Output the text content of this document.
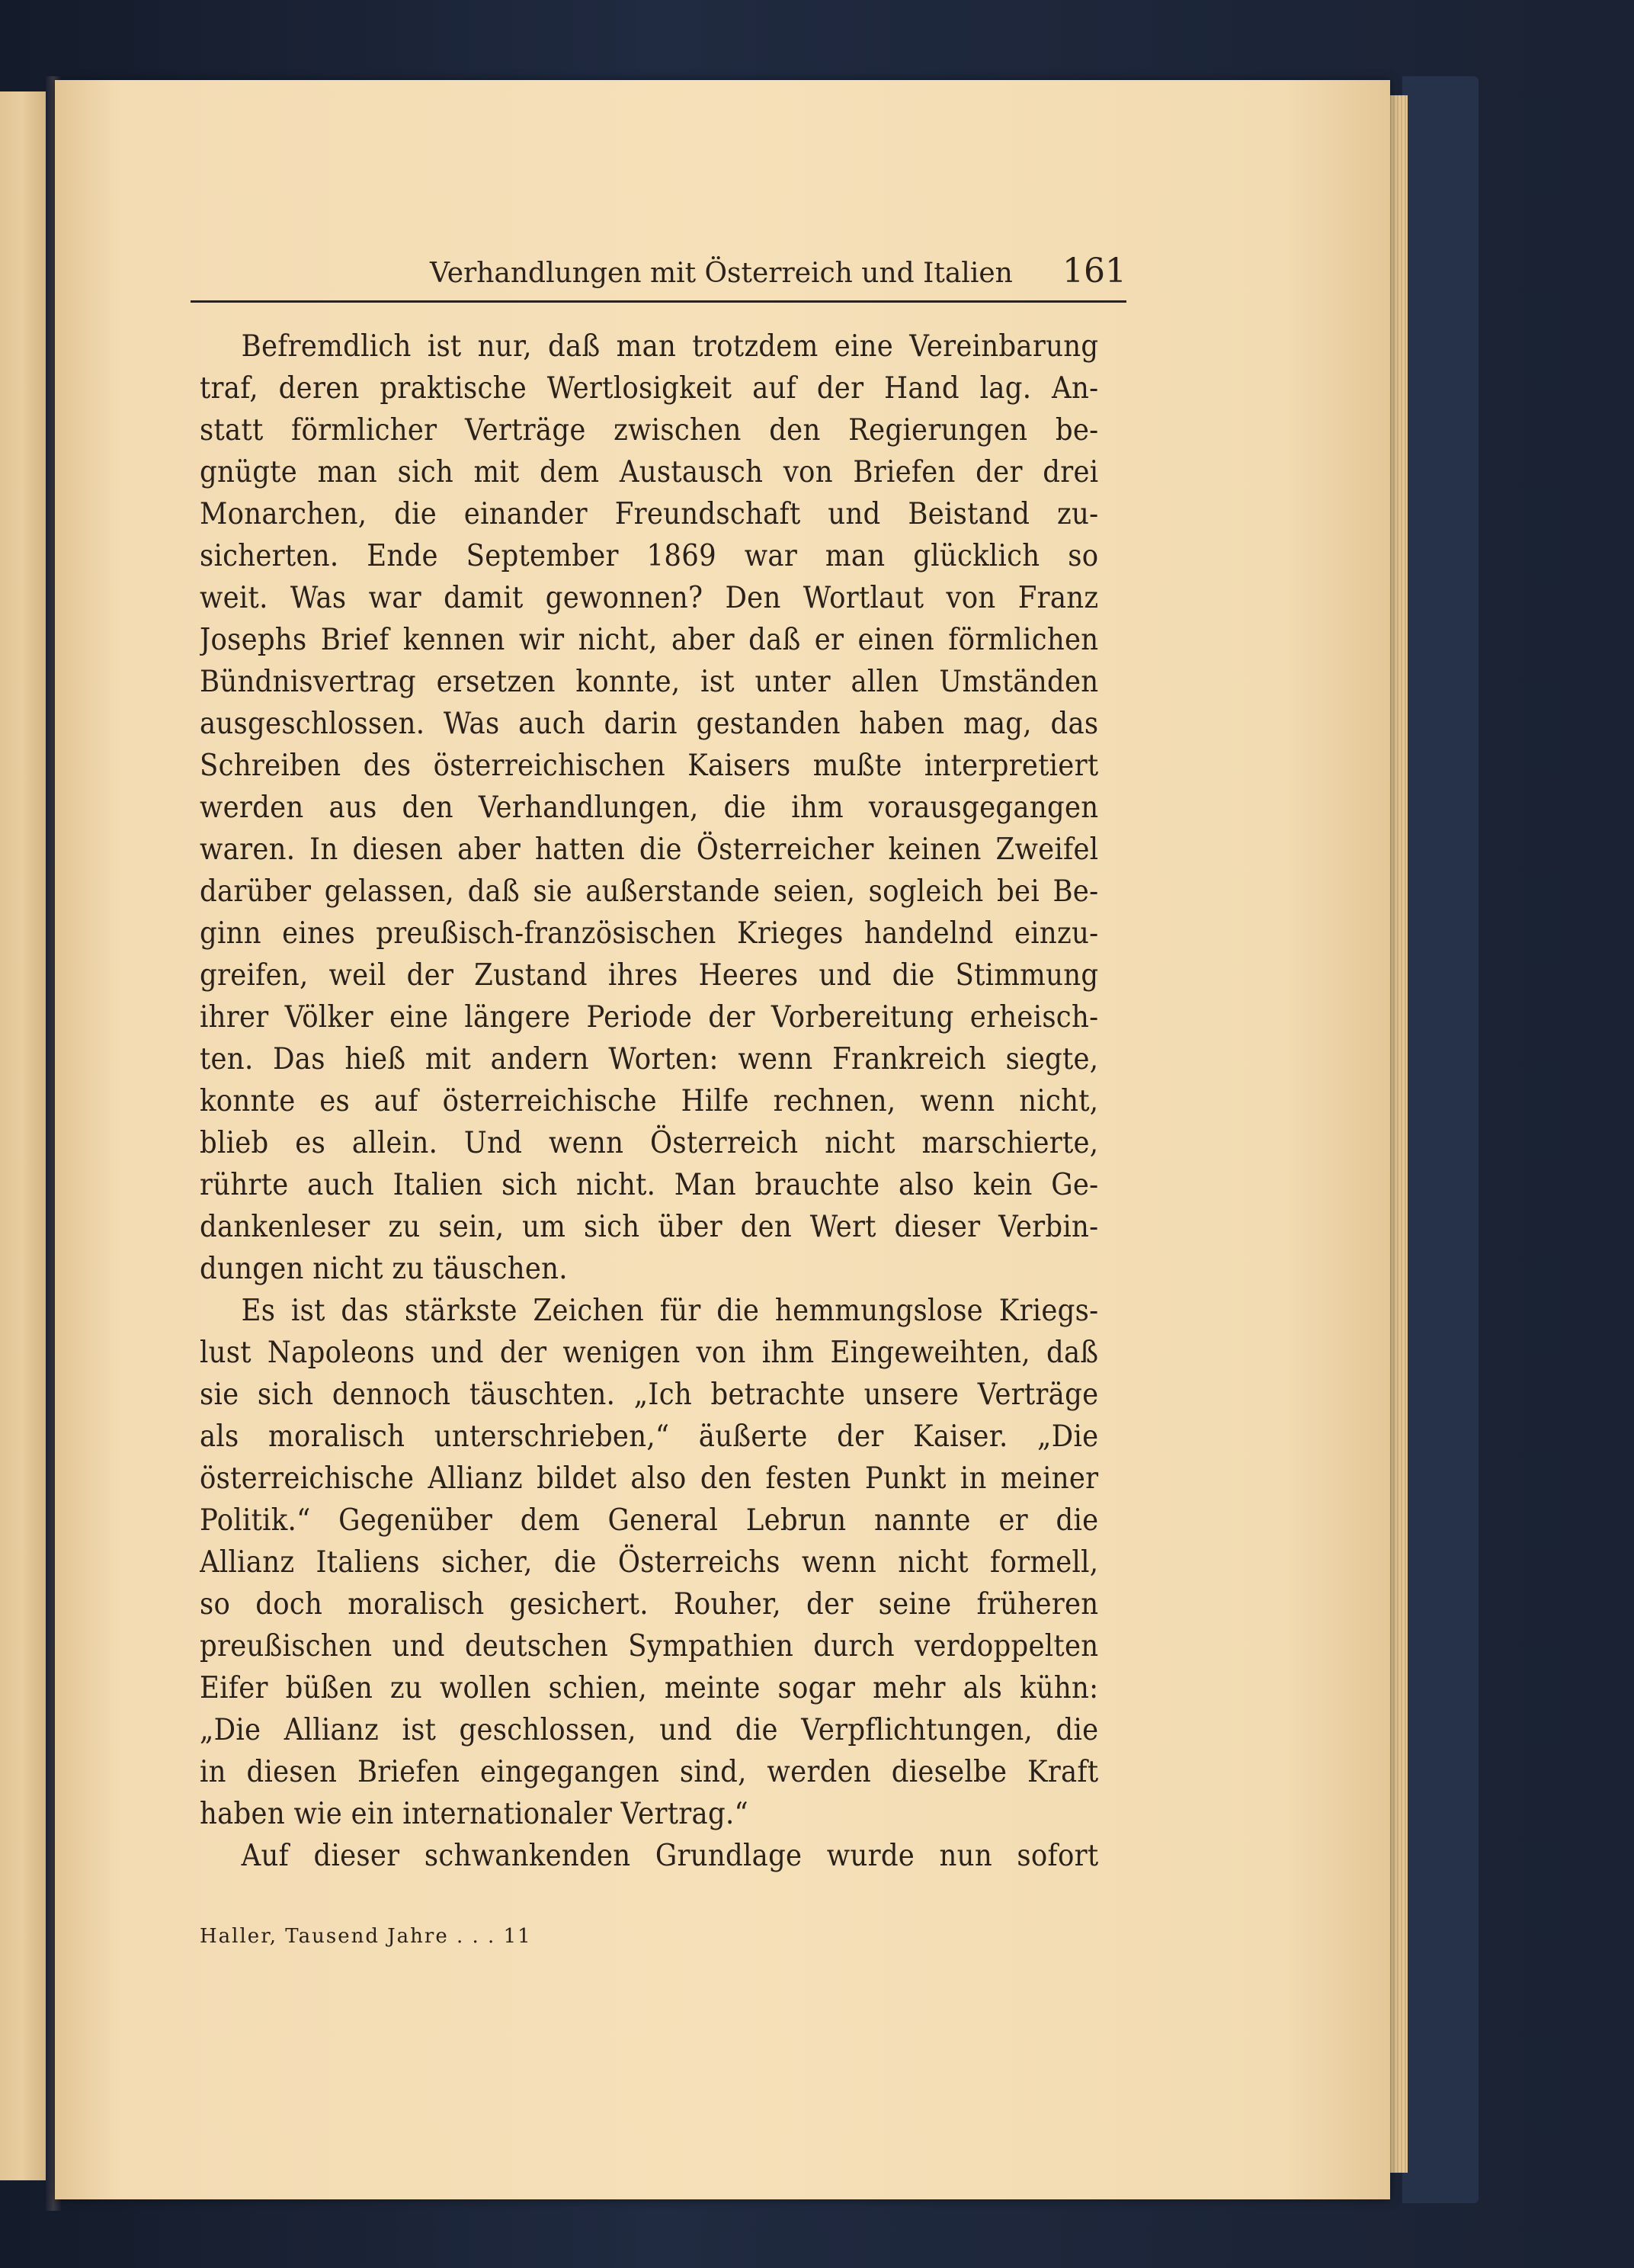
Verhandlungen mit Österreich und Italien 161
Befremdlich ist nur, daß man trotzdem eine Vereinbarung
traf, deren praktische Wertlosigkeit auf der Hand lag. An-
statt förmlicher Verträge zwischen den Regierungen be-
gnügte man sich mit dem Austausch von Briefen der drei
Monarchen, die einander Freundschaft und Beistand zu-
sicherten. Ende September 1869 war man glücklich so
weit. Was war damit gewonnen? Den Wortlaut von Franz
Josephs Brief kennen wir nicht, aber daß er einen förmlichen
Bündnisvertrag ersetzen konnte, ist unter allen Umständen
ausgeschlossen. Was auch darin gestanden haben mag, das
Schreiben des österreichischen Kaisers mußte interpretiert
werden aus den Verhandlungen, die ihm vorausgegangen
waren. In diesen aber hatten die Österreicher keinen Zweifel
darüber gelassen, daß sie außerstande seien, sogleich bei Be-
ginn eines preußisch-französischen Krieges handelnd einzu-
greifen, weil der Zustand ihres Heeres und die Stimmung
ihrer Völker eine längere Periode der Vorbereitung erheisch-
ten. Das hieß mit andern Worten: wenn Frankreich siegte,
konnte es auf österreichische Hilfe rechnen, wenn nicht,
blieb es allein. Und wenn Österreich nicht marschierte,
rührte auch Italien sich nicht. Man brauchte also kein Ge-
dankenleser zu sein, um sich über den Wert dieser Verbin-
dungen nicht zu täuschen.
Es ist das stärkste Zeichen für die hemmungslose Kriegs-
lust Napoleons und der wenigen von ihm Eingeweihten, daß
sie sich dennoch täuschten. „Ich betrachte unsere Verträge
als moralisch unterschrieben,“ äußerte der Kaiser. „Die
österreichische Allianz bildet also den festen Punkt in meiner
Politik.“ Gegenüber dem General Lebrun nannte er die
Allianz Italiens sicher, die Österreichs wenn nicht formell,
so doch moralisch gesichert. Rouher, der seine früheren
preußischen und deutschen Sympathien durch verdoppelten
Eifer büßen zu wollen schien, meinte sogar mehr als kühn:
„Die Allianz ist geschlossen, und die Verpflichtungen, die
in diesen Briefen eingegangen sind, werden dieselbe Kraft
haben wie ein internationaler Vertrag.“
Auf dieser schwankenden Grundlage wurde nun sofort
Haller, Tausend Jahre . . . 11
